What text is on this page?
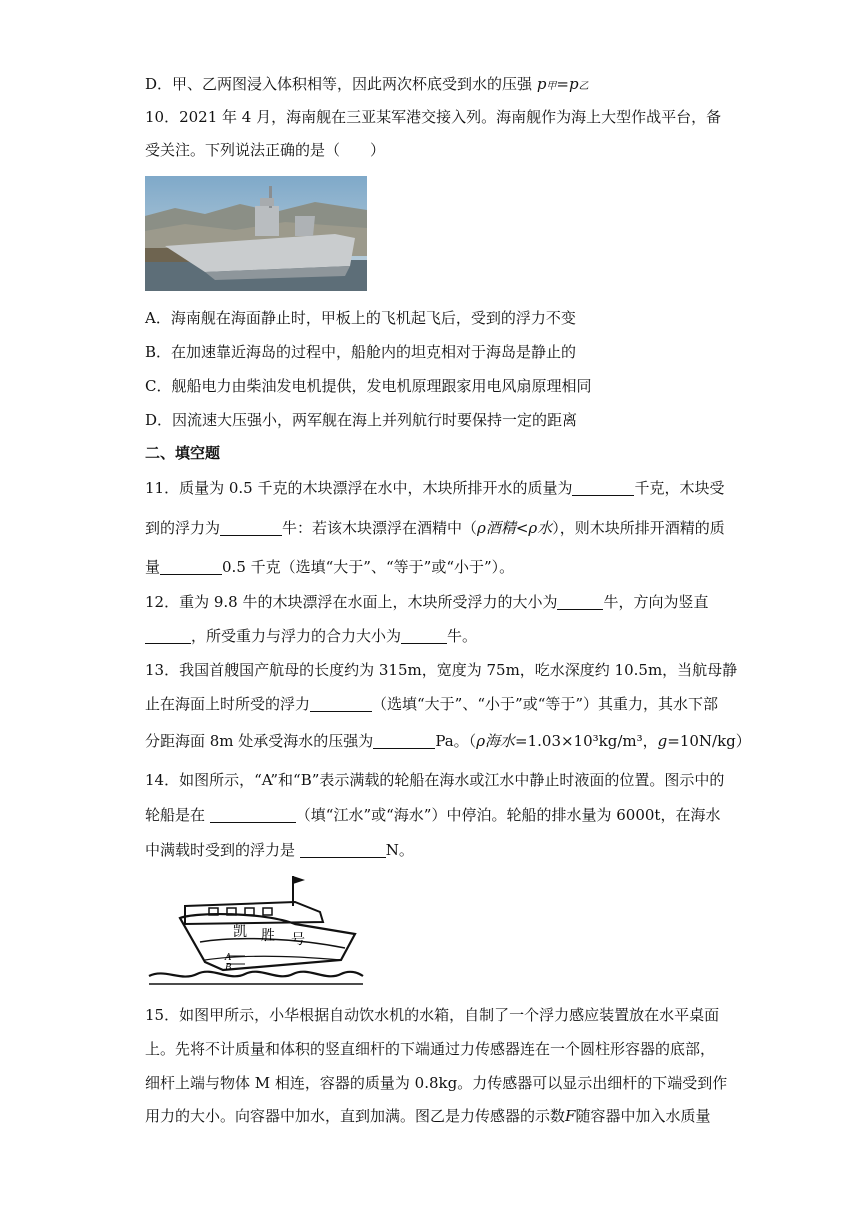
D．甲、乙两图浸入体积相等，因此两次杯底受到水的压强 p甲=p乙
10．2021 年 4 月，海南舰在三亚某军港交接入列。海南舰作为海上大型作战平台，备
受关注。下列说法正确的是（　　）
A．海南舰在海面静止时，甲板上的飞机起飞后，受到的浮力不变
B．在加速靠近海岛的过程中，船舱内的坦克相对于海岛是静止的
C．舰船电力由柴油发电机提供，发电机原理跟家用电风扇原理相同
D．因流速大压强小，两军舰在海上并列航行时要保持一定的距离
二、填空题
11．质量为 0.5 千克的木块漂浮在水中，木块所排开水的质量为	千克，木块受
到的浮力为	牛：若该木块漂浮在酒精中（ρ酒精<ρ水），则木块所排开酒精的质
量	0.5 千克（选填“大于”、“等于”或“小于”）。
12．重为 9.8 牛的木块漂浮在水面上，木块所受浮力的大小为	牛，方向为竖直
，所受重力与浮力的合力大小为	牛。
13．我国首艘国产航母的长度约为 315m，宽度为 75m，吃水深度约 10.5m，当航母静
止在海面上时所受的浮力	（选填“大于”、“小于”或“等于”）其重力，其水下部
分距海面 8m 处承受海水的压强为	Pa。（ρ海水=1.03×10³kg/m³，g=10N/kg）
14．如图所示，“A”和“B”表示满载的轮船在海水或江水中静止时液面的位置。图示中的
轮船是在	（填“江水”或“海水”）中停泊。轮船的排水量为 6000t，在海水
中满载时受到的浮力是	N。
凯 胜 号
A
B
15．如图甲所示，小华根据自动饮水机的水箱，自制了一个浮力感应装置放在水平桌面
上。先将不计质量和体积的竖直细杆的下端通过力传感器连在一个圆柱形容器的底部，
细杆上端与物体 M 相连，容器的质量为 0.8kg。力传感器可以显示出细杆的下端受到作
用力的大小。向容器中加水，直到加满。图乙是力传感器的示数F随容器中加入水质量
